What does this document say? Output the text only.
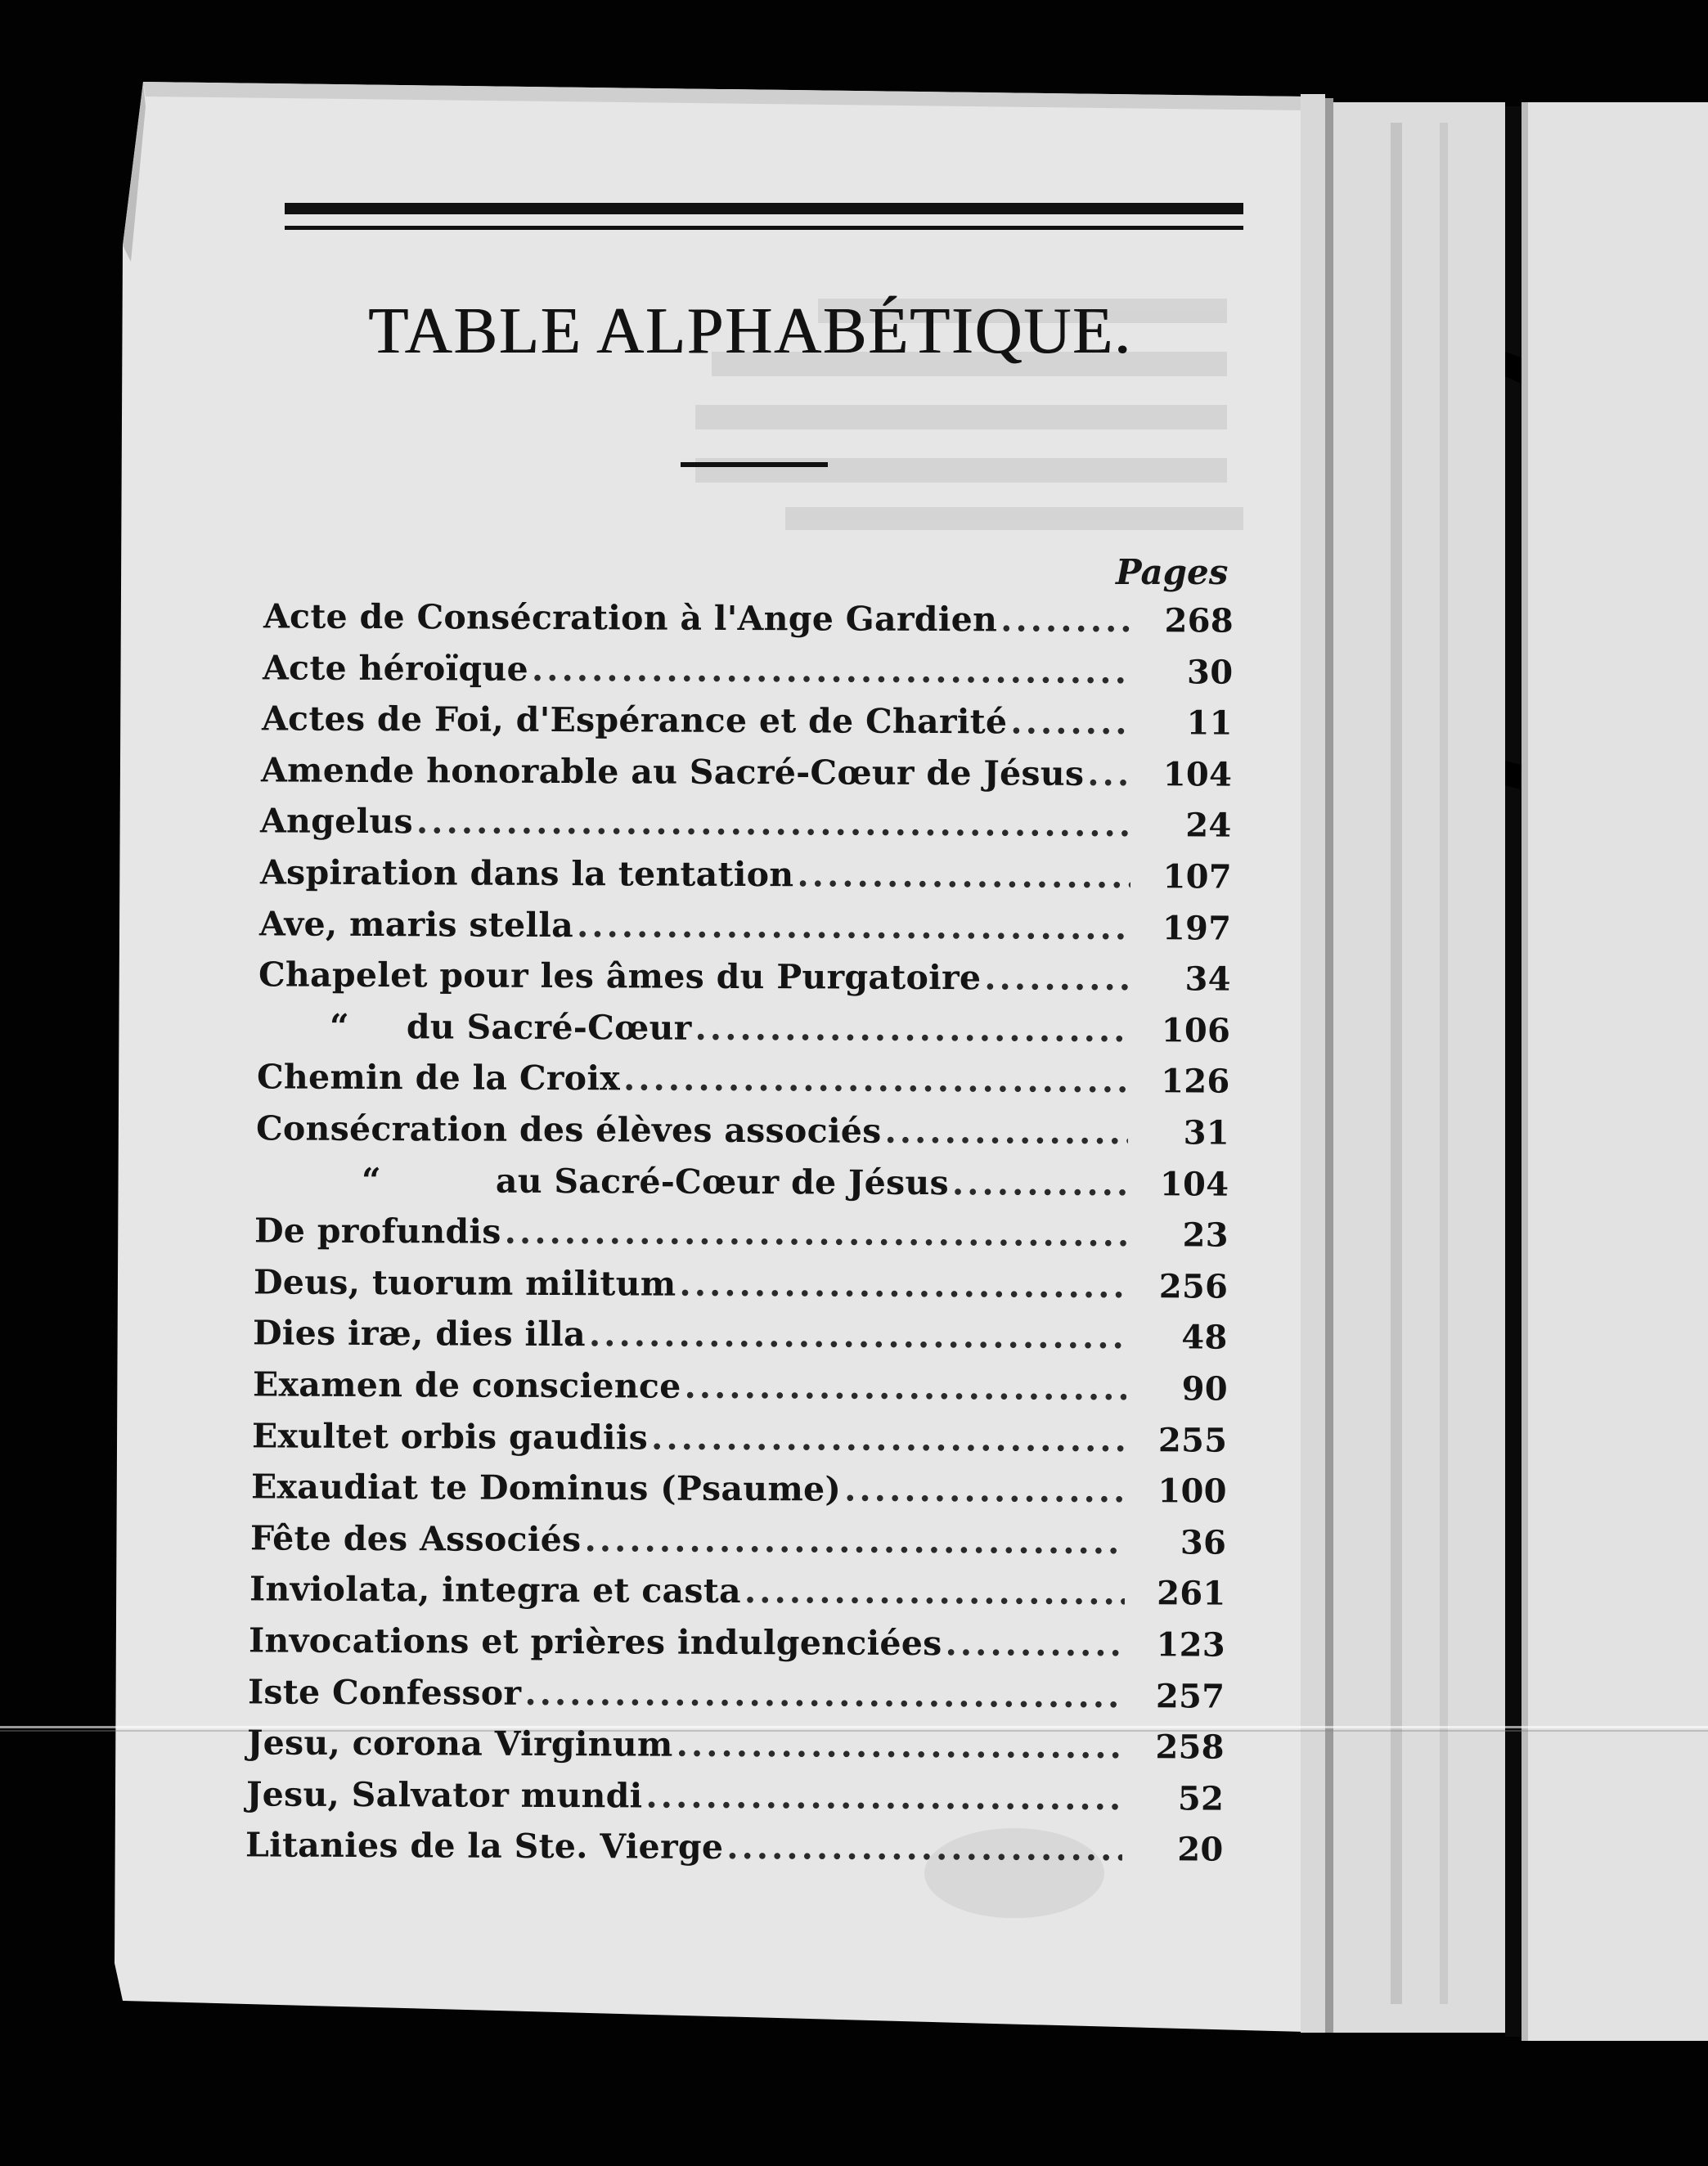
TABLE ALPHABÉTIQUE.
Pages
Acte de Consécration à l'Ange Gardien .....	268
Acte héroïque .....	30
Actes de Foi, d'Espérance et de Charité .....	11
Amende honorable au Sacré-Cœur de Jésus .....	104
Angelus .....	24
Aspiration dans la tentation .....	107
Ave, maris stella .....	197
Chapelet pour les âmes du Purgatoire .....	34
“ du Sacré-Cœur .....	106
Chemin de la Croix .....	126
Consécration des élèves associés .....	31
“	au Sacré-Cœur de Jésus .....	104
De profundis .....	23
Deus, tuorum militum .....	256
Dies iræ, dies illa .....	48
Examen de conscience .....	90
Exultet orbis gaudiis .....	255
Exaudiat te Dominus (Psaume) .....	100
Fête des Associés .....	36
Inviolata, integra et casta .....	261
Invocations et prières indulgenciées .....	123
Iste Confessor .....	257
Jesu, corona Virginum .....	258
Jesu, Salvator mundi .....	52
Litanies de la Ste. Vierge .....	20
